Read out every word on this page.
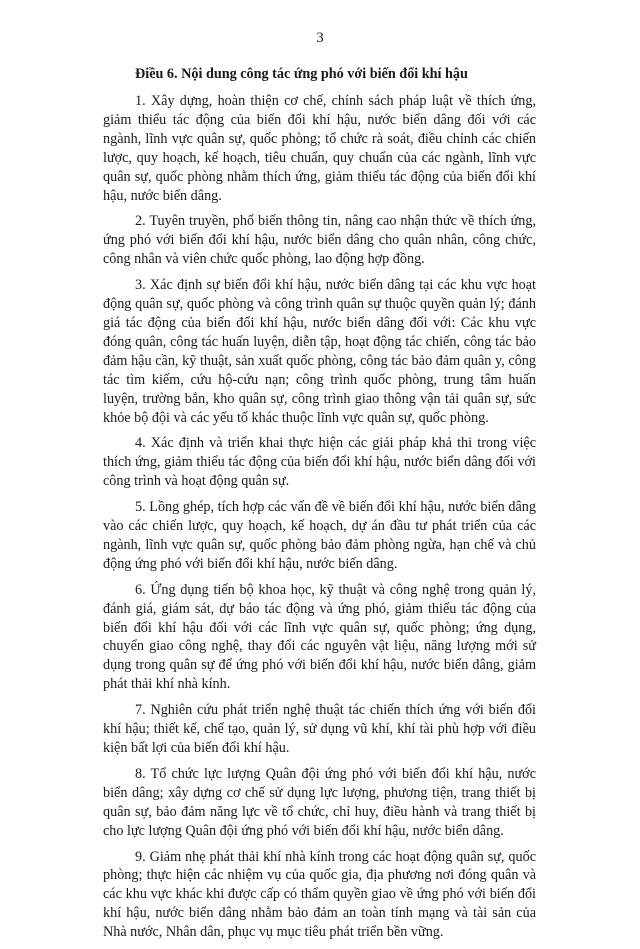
3

Điều 6. Nội dung công tác ứng phó với biến đổi khí hậu

1. Xây dựng, hoàn thiện cơ chế, chính sách pháp luật về thích ứng, giảm thiểu tác động của biến đổi khí hậu, nước biển dâng đối với các ngành, lĩnh vực quân sự, quốc phòng; tổ chức rà soát, điều chỉnh các chiến lược, quy hoạch, kế hoạch, tiêu chuẩn, quy chuẩn của các ngành, lĩnh vực quân sự, quốc phòng nhằm thích ứng, giảm thiểu tác động của biến đổi khí hậu, nước biển dâng.

2. Tuyên truyền, phổ biến thông tin, nâng cao nhận thức về thích ứng, ứng phó với biến đổi khí hậu, nước biển dâng cho quân nhân, công chức, công nhân và viên chức quốc phòng, lao động hợp đồng.

3. Xác định sự biến đổi khí hậu, nước biển dâng tại các khu vực hoạt động quân sự, quốc phòng và công trình quân sự thuộc quyền quản lý; đánh giá tác động của biến đổi khí hậu, nước biển dâng đối với: Các khu vực đóng quân, công tác huấn luyện, diễn tập, hoạt động tác chiến, công tác bảo đảm hậu cần, kỹ thuật, sản xuất quốc phòng, công tác bảo đảm quân y, công tác tìm kiếm, cứu hộ-cứu nạn; công trình quốc phòng, trung tâm huấn luyện, trường bắn, kho quân sự, công trình giao thông vận tải quân sự, sức khỏe bộ đội và các yếu tố khác thuộc lĩnh vực quân sự, quốc phòng.

4. Xác định và triển khai thực hiện các giải pháp khả thi trong việc thích ứng, giảm thiểu tác động của biến đổi khí hậu, nước biển dâng đối với công trình và hoạt động quân sự.

5. Lồng ghép, tích hợp các vấn đề về biến đổi khí hậu, nước biển dâng vào các chiến lược, quy hoạch, kế hoạch, dự án đầu tư phát triển của các ngành, lĩnh vực quân sự, quốc phòng bảo đảm phòng ngừa, hạn chế và chủ động ứng phó với biến đổi khí hậu, nước biển dâng.

6. Ứng dụng tiến bộ khoa học, kỹ thuật và công nghệ trong quản lý, đánh giá, giám sát, dự báo tác động và ứng phó, giảm thiểu tác động của biến đổi khí hậu đối với các lĩnh vực quân sự, quốc phòng; ứng dụng, chuyển giao công nghệ, thay đổi các nguyên vật liệu, năng lượng mới sử dụng trong quân sự để ứng phó với biến đổi khí hậu, nước biển dâng, giảm phát thải khí nhà kính.

7. Nghiên cứu phát triển nghệ thuật tác chiến thích ứng với biến đổi khí hậu; thiết kế, chế tạo, quản lý, sử dụng vũ khí, khí tài phù hợp với điều kiện bất lợi của biến đổi khí hậu.

8. Tổ chức lực lượng Quân đội ứng phó với biến đổi khí hậu, nước biển dâng; xây dựng cơ chế sử dụng lực lượng, phương tiện, trang thiết bị quân sự, bảo đảm năng lực về tổ chức, chỉ huy, điều hành và trang thiết bị cho lực lượng Quân đội ứng phó với biến đổi khí hậu, nước biển dâng.

9. Giảm nhẹ phát thải khí nhà kính trong các hoạt động quân sự, quốc phòng; thực hiện các nhiệm vụ của quốc gia, địa phương nơi đóng quân và các khu vực khác khi được cấp có thẩm quyền giao về ứng phó với biến đổi khí hậu, nước biển dâng nhằm bảo đảm an toàn tính mạng và tài sản của Nhà nước, Nhân dân, phục vụ mục tiêu phát triển bền vững.
